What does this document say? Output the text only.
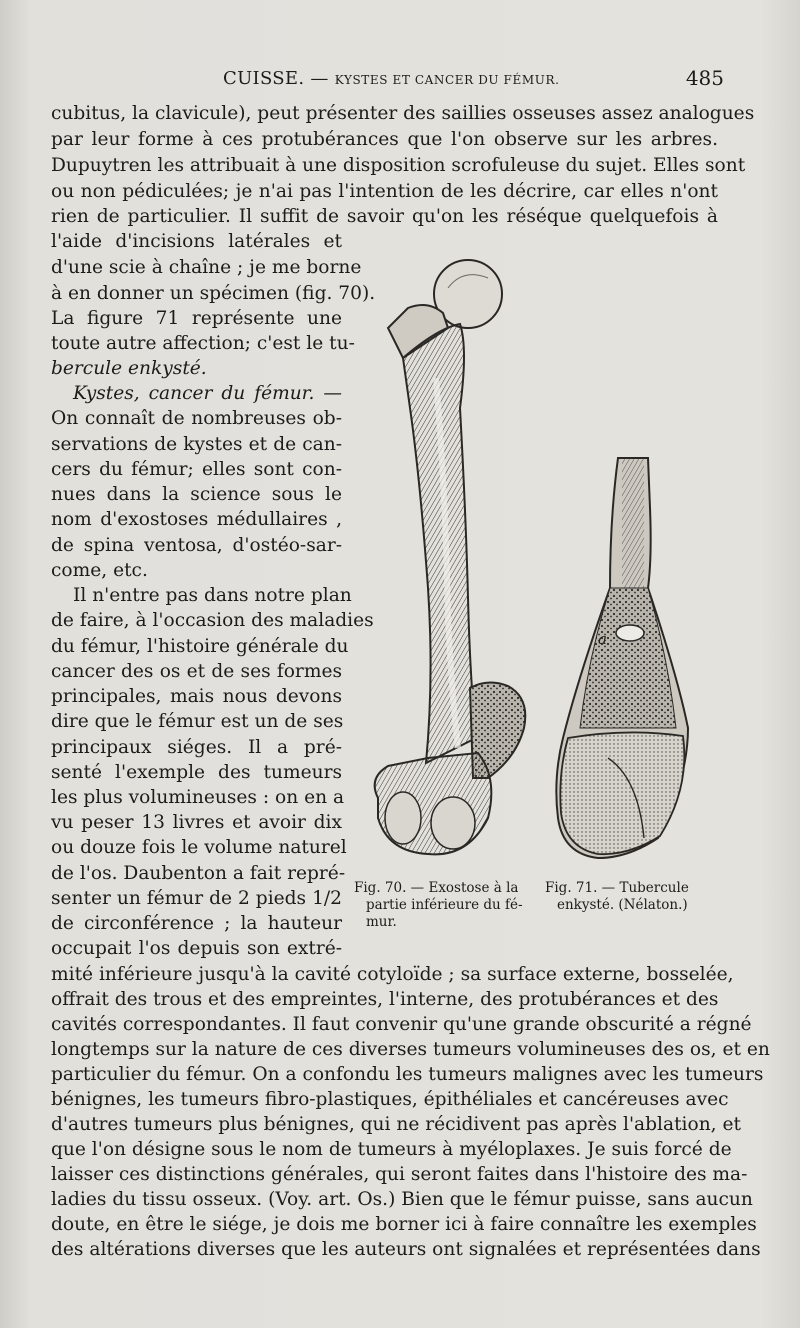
CUISSE. — KYSTES ET CANCER DU FÉMUR.	485
cubitus, la clavicule), peut présenter des saillies osseuses assez analogues
par leur forme à ces protubérances que l'on observe sur les arbres.
Dupuytren les attribuait à une disposition scrofuleuse du sujet. Elles sont
ou non pédiculées; je n'ai pas l'intention de les décrire, car elles n'ont
rien de particulier. Il suffit de savoir qu'on les réséque quelquefois à
l'aide d'incisions latérales et
d'une scie à chaîne ; je me borne
à en donner un spécimen (fig. 70).
La figure 71 représente une
toute autre affection; c'est le tu-
bercule enkysté.
Kystes, cancer du fémur. —
On connaît de nombreuses ob-
servations de kystes et de can-
cers du fémur; elles sont con-
nues dans la science sous le
nom d'exostoses médullaires ,
de spina ventosa, d'ostéo-sar-
come, etc.
Il n'entre pas dans notre plan
de faire, à l'occasion des maladies
du fémur, l'histoire générale du
cancer des os et de ses formes
principales, mais nous devons
dire que le fémur est un de ses
principaux siéges. Il a pré-
senté l'exemple des tumeurs
les plus volumineuses : on en a
vu peser 13 livres et avoir dix
ou douze fois le volume naturel
de l'os. Daubenton a fait repré-
senter un fémur de 2 pieds 1/2
de circonférence ; la hauteur
occupait l'os depuis son extré-
mité inférieure jusqu'à la cavité cotyloïde ; sa surface externe, bosselée,
offrait des trous et des empreintes, l'interne, des protubérances et des
cavités correspondantes. Il faut convenir qu'une grande obscurité a régné
longtemps sur la nature de ces diverses tumeurs volumineuses des os, et en
particulier du fémur. On a confondu les tumeurs malignes avec les tumeurs
bénignes, les tumeurs fibro-plastiques, épithéliales et cancéreuses avec
d'autres tumeurs plus bénignes, qui ne récidivent pas après l'ablation, et
que l'on désigne sous le nom de tumeurs à myéloplaxes. Je suis forcé de
laisser ces distinctions générales, qui seront faites dans l'histoire des ma-
ladies du tissu osseux. (Voy. art. Os.) Bien que le fémur puisse, sans aucun
doute, en être le siége, je dois me borner ici à faire connaître les exemples
des altérations diverses que les auteurs ont signalées et représentées dans
a
Fig. 70. — Exostose à la
partie inférieure du fé-
mur.
Fig. 71. — Tubercule
enkysté. (Nélaton.)
